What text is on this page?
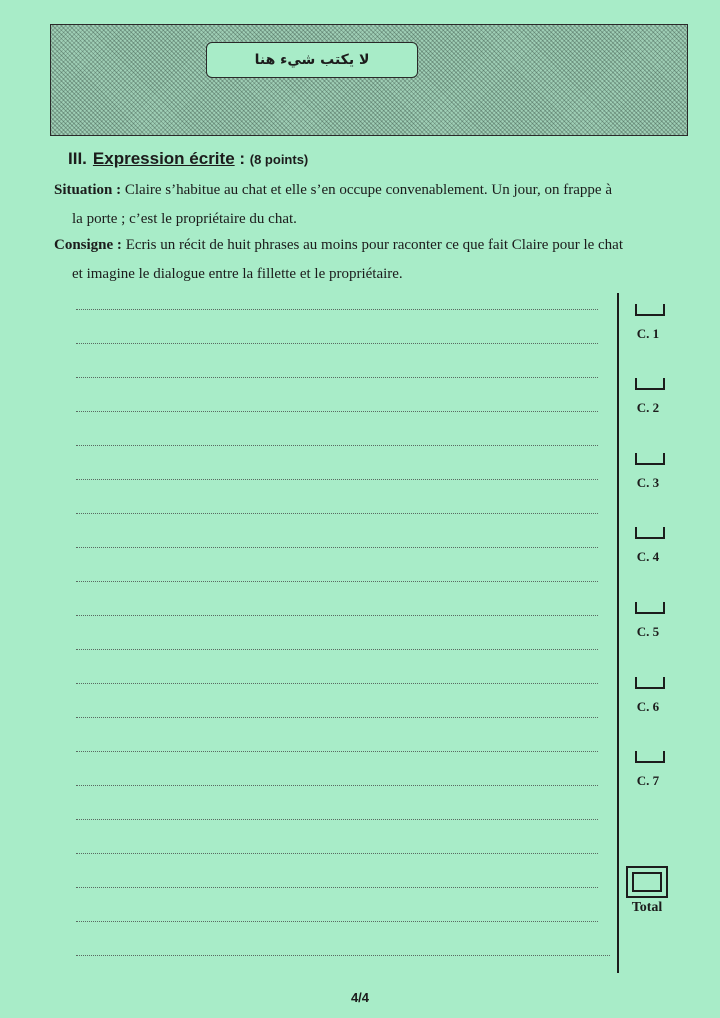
لا يكتب شيء هنا
III. Expression écrite : (8 points)
Situation : Claire s’habitue au chat et elle s’en occupe convenablement. Un jour, on frappe à
la porte ; c’est le propriétaire du chat.
Consigne : Ecris un récit de huit phrases au moins pour raconter ce que fait Claire pour le chat
et imagine le dialogue entre la fillette et le propriétaire.
C. 1
C. 2
C. 3
C. 4
C. 5
C. 6
C. 7
Total
4/4
